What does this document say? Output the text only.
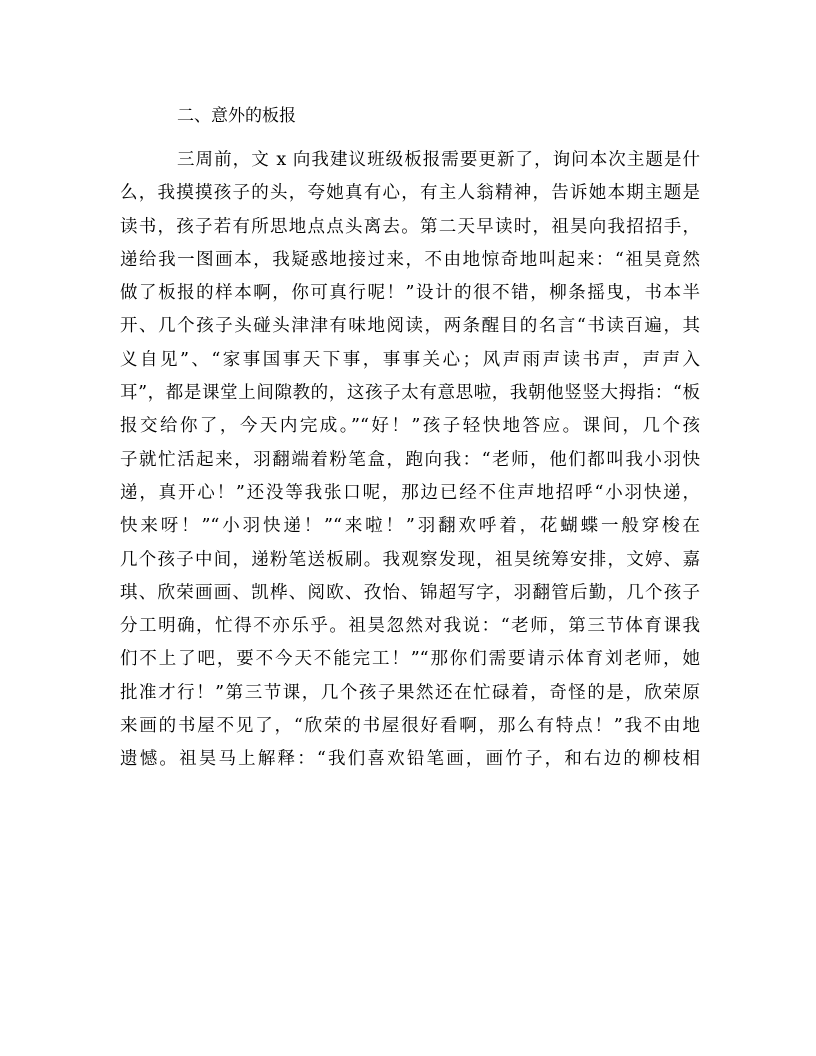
二、意外的板报
三周前，文 x 向我建议班级板报需要更新了，询问本次主题是什
么，我摸摸孩子的头，夸她真有心，有主人翁精神，告诉她本期主题是
读书，孩子若有所思地点点头离去。第二天早读时，祖昊向我招招手，
递给我一图画本，我疑惑地接过来，不由地惊奇地叫起来：“祖昊竟然
做了板报的样本啊，你可真行呢！”设计的很不错，柳条摇曳，书本半
开、几个孩子头碰头津津有味地阅读，两条醒目的名言“书读百遍，其
义自见”、“家事国事天下事，事事关心；风声雨声读书声，声声入
耳”，都是课堂上间隙教的，这孩子太有意思啦，我朝他竖竖大拇指：“板
报交给你了，今天内完成。”“好！”孩子轻快地答应。课间，几个孩
子就忙活起来，羽翻端着粉笔盒，跑向我：“老师，他们都叫我小羽快
递，真开心！”还没等我张口呢，那边已经不住声地招呼“小羽快递，
快来呀！”“小羽快递！”“来啦！”羽翻欢呼着，花蝴蝶一般穿梭在
几个孩子中间，递粉笔送板刷。我观察发现，祖昊统筹安排，文婷、嘉
琪、欣荣画画、凯桦、阅欧、孜怡、锦超写字，羽翻管后勤，几个孩子
分工明确，忙得不亦乐乎。祖昊忽然对我说：“老师，第三节体育课我
们不上了吧，要不今天不能完工！”“那你们需要请示体育刘老师，她
批准才行！”第三节课，几个孩子果然还在忙碌着，奇怪的是，欣荣原
来画的书屋不见了，“欣荣的书屋很好看啊，那么有特点！”我不由地
遗憾。祖昊马上解释：“我们喜欢铅笔画，画竹子，和右边的柳枝相
